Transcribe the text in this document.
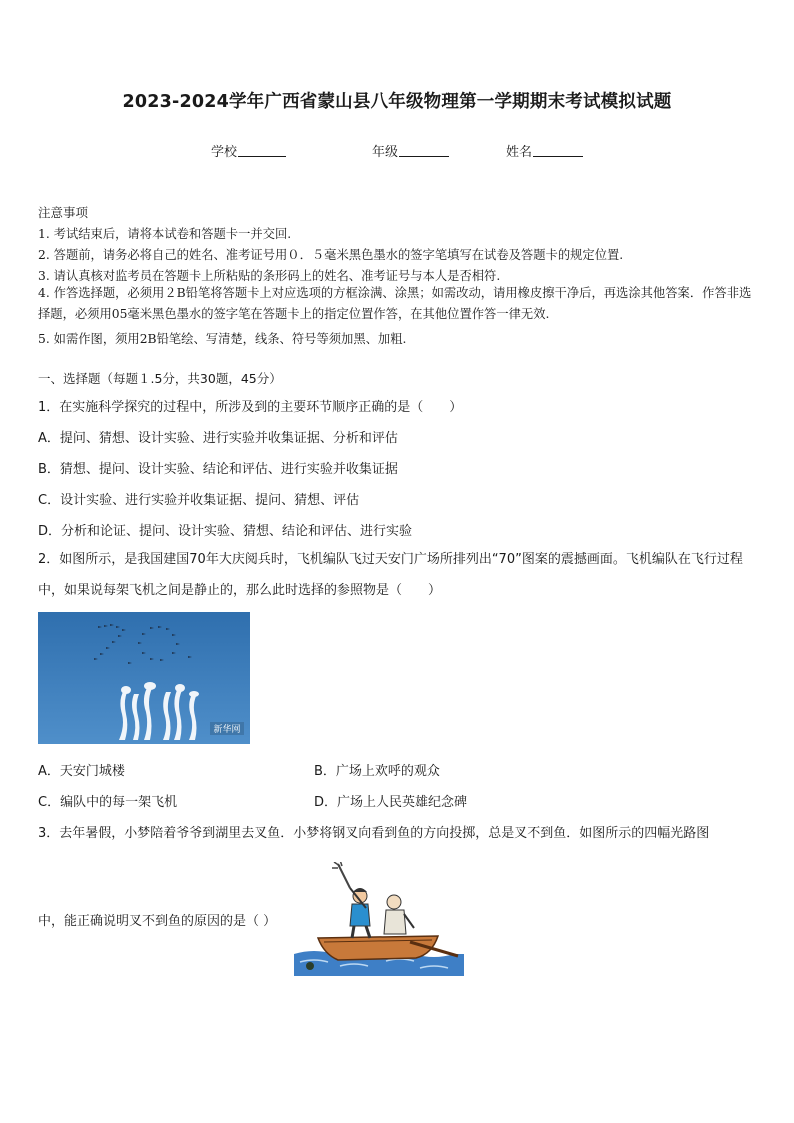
2023-2024学年广西省蒙山县八年级物理第一学期期末考试模拟试题
学校	年级	姓名
注意事项
1. 考试结束后，请将本试卷和答题卡一并交回.
2. 答题前，请务必将自己的姓名、准考证号用０．５毫米黑色墨水的签字笔填写在试卷及答题卡的规定位置.
3. 请认真核对监考员在答题卡上所粘贴的条形码上的姓名、准考证号与本人是否相符.
4. 作答选择题，必须用２B铅笔将答题卡上对应选项的方框涂满、涂黑；如需改动，请用橡皮擦干净后，再选涂其他答案．作答非选择题，必须用05毫米黑色墨水的签字笔在答题卡上的指定位置作答，在其他位置作答一律无效.
5. 如需作图，须用2B铅笔绘、写清楚，线条、符号等须加黑、加粗.
一、选择题（每题１.5分，共30题，45分）
1．在实施科学探究的过程中，所涉及到的主要环节顺序正确的是（　　）
A．提问、猜想、设计实验、进行实验并收集证据、分析和评估
B．猜想、提问、设计实验、结论和评估、进行实验并收集证据
C．设计实验、进行实验并收集证据、提问、猜想、评估
D．分析和论证、提问、设计实验、猜想、结论和评估、进行实验
2．如图所示，是我国建国70年大庆阅兵时，飞机编队飞过天安门广场所排列出“70”图案的震撼画面。飞机编队在飞行过程中，如果说每架飞机之间是静止的，那么此时选择的参照物是（　　）
新华网
A．天安门城楼	B．广场上欢呼的观众
C．编队中的每一架飞机	D．广场上人民英雄纪念碑
3．去年暑假，小梦陪着爷爷到湖里去叉鱼．小梦将钢叉向看到鱼的方向投掷，总是叉不到鱼．如图所示的四幅光路图
中，能正确说明叉不到鱼的原因的是（ ）
